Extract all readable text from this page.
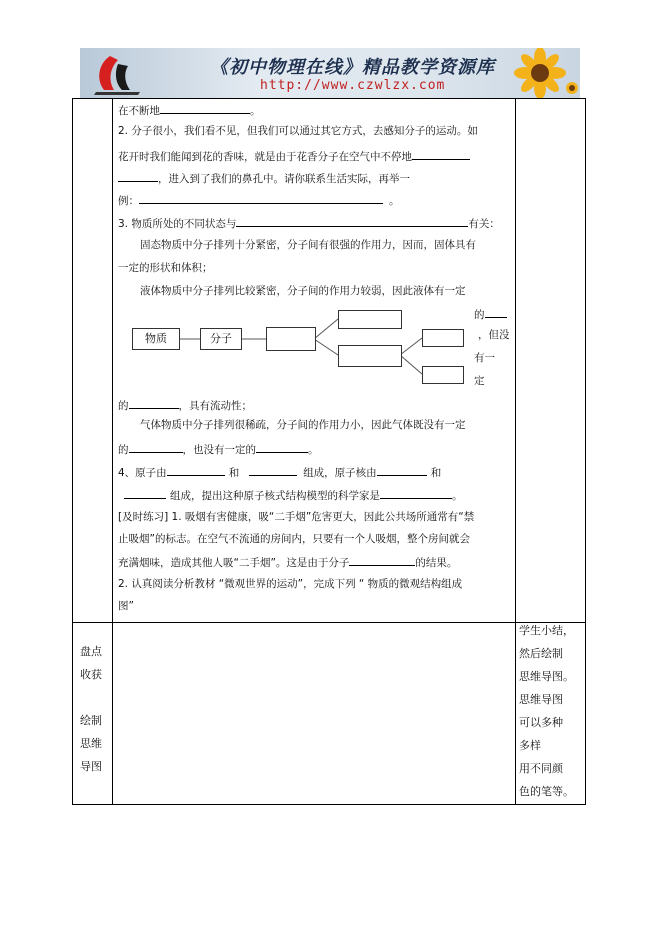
《初中物理在线》精品教学资源库
http://www.czwlzx.com
在不断地	。
2. 分子很小，我们看不见，但我们可以通过其它方式，去感知分子的运动。如
花开时我们能闻到花的香味，就是由于花香分子在空气中不停地
，进入到了我们的鼻孔中。请你联系生活实际，再举一
例：	。
3. 物质所处的不同状态与	有关：
固态物质中分子排列十分紧密，分子间有很强的作用力，因而，固体具有
一定的形状和体积；
液体物质中分子排列比较紧密，分子间的作用力较弱，因此液体有一定
物质	分子
的
，但没
有一
定
的	，具有流动性；
气体物质中分子排列很稀疏，分子间的作用力小，因此气体既没有一定
的	，也没有一定的	。
4、原子由	和	组成，原子核由	和
组成，提出这种原子核式结构模型的科学家是	。
[及时练习] 1. 吸烟有害健康，吸“二手烟”危害更大，因此公共场所通常有“禁
止吸烟”的标志。在空气不流通的房间内，只要有一个人吸烟，整个房间就会
充满烟味，造成其他人吸“二手烟”。这是由于分子	的结果。
2. 认真阅读分析教材 “微观世界的运动”，完成下列 “ 物质的微观结构组成
图”
盘点
收获
绘制
思维
导图
学生小结，
然后绘制
思维导图。
思维导图
可以多种
多样
用不同颜
色的笔等。
